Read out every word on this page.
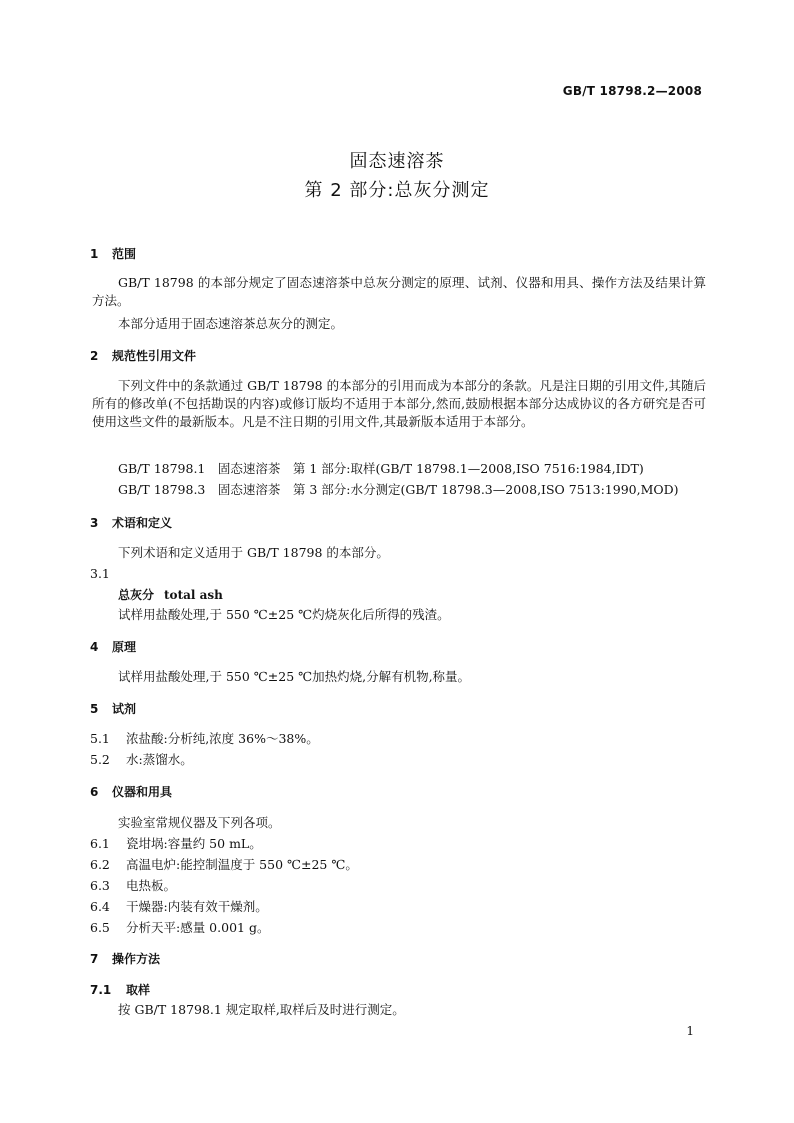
GB/T 18798.2—2008
固态速溶茶
第 2 部分:总灰分测定
1 范围
GB/T 18798 的本部分规定了固态速溶茶中总灰分测定的原理、试剂、仪器和用具、操作方法及结果计算方法。
本部分适用于固态速溶茶总灰分的测定。
2 规范性引用文件
下列文件中的条款通过 GB/T 18798 的本部分的引用而成为本部分的条款。凡是注日期的引用文件,其随后所有的修改单(不包括勘误的内容)或修订版均不适用于本部分,然而,鼓励根据本部分达成协议的各方研究是否可使用这些文件的最新版本。凡是不注日期的引用文件,其最新版本适用于本部分。
GB/T 18798.1　固态速溶茶　第 1 部分:取样(GB/T 18798.1—2008,ISO 7516:1984,IDT)
GB/T 18798.3　固态速溶茶　第 3 部分:水分测定(GB/T 18798.3—2008,ISO 7513:1990,MOD)
3 术语和定义
下列术语和定义适用于 GB/T 18798 的本部分。
3.1
总灰分 total ash
试样用盐酸处理,于 550 ℃±25 ℃灼烧灰化后所得的残渣。
4 原理
试样用盐酸处理,于 550 ℃±25 ℃加热灼烧,分解有机物,称量。
5 试剂
5.1 浓盐酸:分析纯,浓度 36%～38%。
5.2 水:蒸馏水。
6 仪器和用具
实验室常规仪器及下列各项。
6.1 瓷坩埚:容量约 50 mL。
6.2 高温电炉:能控制温度于 550 ℃±25 ℃。
6.3 电热板。
6.4 干燥器:内装有效干燥剂。
6.5 分析天平:感量 0.001 g。
7 操作方法
7.1 取样
按 GB/T 18798.1 规定取样,取样后及时进行测定。
1
